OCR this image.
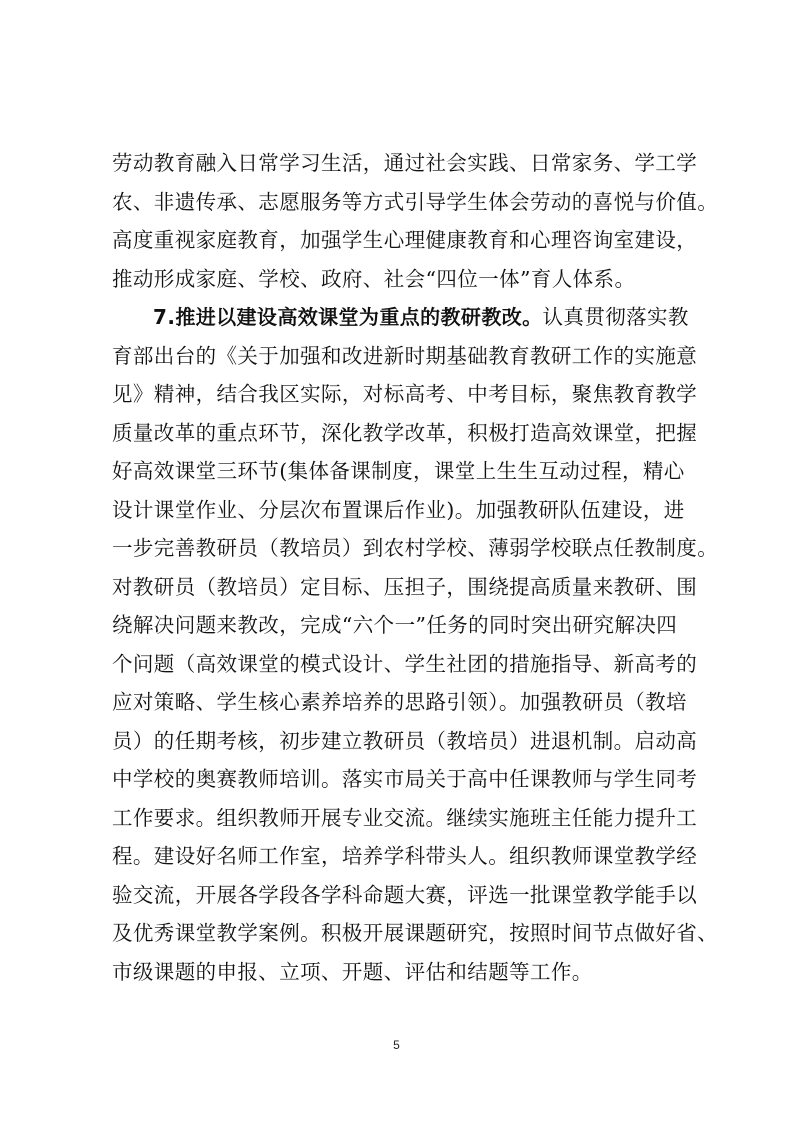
劳动教育融入日常学习生活，通过社会实践、日常家务、学工学
农、非遗传承、志愿服务等方式引导学生体会劳动的喜悦与价值。
高度重视家庭教育，加强学生心理健康教育和心理咨询室建设，
推动形成家庭、学校、政府、社会“四位一体”育人体系。
7.推进以建设高效课堂为重点的教研教改。认真贯彻落实教
育部出台的《关于加强和改进新时期基础教育教研工作的实施意
见》精神，结合我区实际，对标高考、中考目标，聚焦教育教学
质量改革的重点环节，深化教学改革，积极打造高效课堂，把握
好高效课堂三环节(集体备课制度，课堂上生生互动过程，精心
设计课堂作业、分层次布置课后作业)。加强教研队伍建设，进
一步完善教研员（教培员）到农村学校、薄弱学校联点任教制度。
对教研员（教培员）定目标、压担子，围绕提高质量来教研、围
绕解决问题来教改，完成“六个一”任务的同时突出研究解决四
个问题（高效课堂的模式设计、学生社团的措施指导、新高考的
应对策略、学生核心素养培养的思路引领）。加强教研员（教培
员）的任期考核，初步建立教研员（教培员）进退机制。启动高
中学校的奥赛教师培训。落实市局关于高中任课教师与学生同考
工作要求。组织教师开展专业交流。继续实施班主任能力提升工
程。建设好名师工作室，培养学科带头人。组织教师课堂教学经
验交流，开展各学段各学科命题大赛，评选一批课堂教学能手以
及优秀课堂教学案例。积极开展课题研究，按照时间节点做好省、
市级课题的申报、立项、开题、评估和结题等工作。
5
